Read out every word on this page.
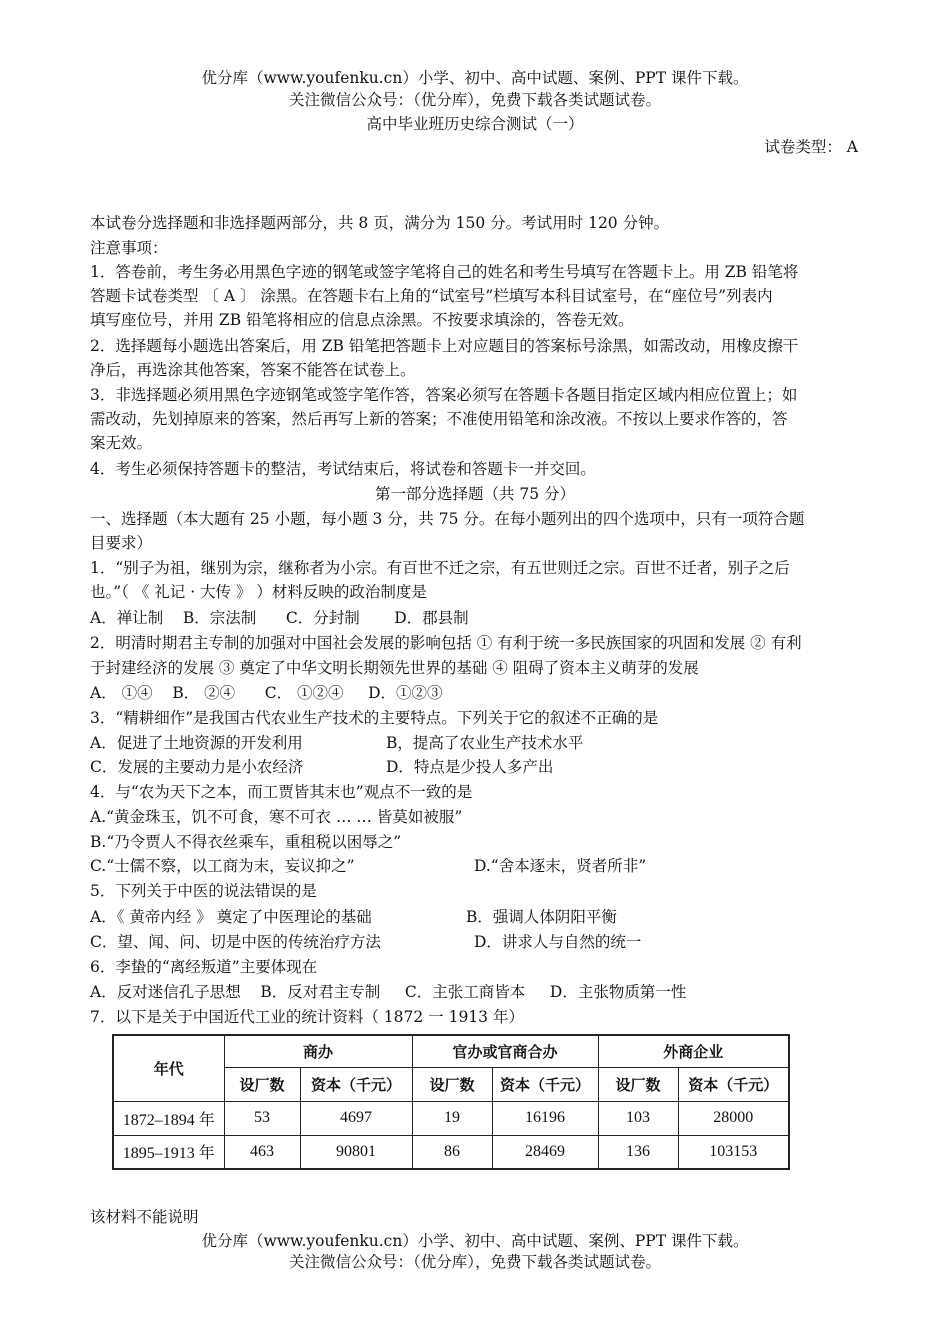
优分库（www.youfenku.cn）小学、初中、高中试题、案例、PPT 课件下载。
关注微信公众号：（优分库），免费下载各类试题试卷。
高中毕业班历史综合测试（一）
试卷类型： A
本试卷分选择题和非选择题两部分，共 8 页，满分为 150 分。考试用时 120 分钟。
注意事项：
1．答卷前，考生务必用黑色字迹的钢笔或签字笔将自己的姓名和考生号填写在答题卡上。用 ZB 铅笔将
答题卡试卷类型 〔 A 〕 涂黑。在答题卡右上角的“试室号”栏填写本科目试室号，在“座位号”列表内
填写座位号，并用 ZB 铅笔将相应的信息点涂黑。不按要求填涂的，答卷无效。
2．选择题每小题选出答案后，用 ZB 铅笔把答题卡上对应题目的答案标号涂黑，如需改动，用橡皮擦干
净后，再选涂其他答案，答案不能答在试卷上。
3．非选择题必须用黑色字迹钢笔或签字笔作答，答案必须写在答题卡各题目指定区域内相应位置上；如
需改动，先划掉原来的答案，然后再写上新的答案；不准使用铅笔和涂改液。不按以上要求作答的，答
案无效。
4．考生必须保持答题卡的整洁，考试结束后，将试卷和答题卡一并交回。
第一部分选择题（共 75 分）
一、选择题（本大题有 25 小题，每小题 3 分，共 75 分。在每小题列出的四个选项中，只有一项符合题
目要求）
1．“别子为祖，继别为宗，继称者为小宗。有百世不迁之宗，有五世则迁之宗。百世不迁者，别子之后
也。”（ 《 礼记 · 大传 》 ）材料反映的政治制度是
A．禅让制    B．宗法制      C．分封制       D．郡县制
2．明清时期君主专制的加强对中国社会发展的影响包括 ① 有利于统一多民族国家的巩固和发展 ② 有利
于封建经济的发展 ③ 奠定了中华文明长期领先世界的基础 ④ 阻碍了资本主义萌芽的发展
A． ①④    B． ②④      C． ①②④     D．①②③
3．“精耕细作”是我国古代农业生产技术的主要特点。下列关于它的叙述不正确的是
A．促进了土地资源的开发利用	B，提高了农业生产技术水平
C．发展的主要动力是小农经济	D．特点是少投人多产出
4．与“农为天下之本，而工贾皆其末也”观点不一致的是
A.“黄金珠玉，饥不可食，寒不可衣 … … 皆莫如被服”
B.“乃令贾人不得衣丝乘车，重租税以困辱之”
C.“士儒不察，以工商为末，妄议抑之”	D.“舍本逐末，贤者所非”
5．下列关于中医的说法错误的是
A．《 黄帝内经 》 奠定了中医理论的基础	B．强调人体阴阳平衡
C．望、闻、问、切是中医的传统治疗方法	D．讲求人与自然的统一
6．李蛰的“离经叛道”主要体现在
A．反对迷信孔子思想    B．反对君主专制     C．主张工商皆本     D．主张物质第一性
7．以下是关于中国近代工业的统计资料（ 1872 一 1913 年）
年代	商办		官办或官商合办		外商企业	
	设厂数	资本（千元）	设厂数	资本（千元）	设厂数	资本（千元）
1872–1894 年	53	4697	19	16196	103	28000
1895–1913 年	463	90801	86	28469	136	103153
该材料不能说明
优分库（www.youfenku.cn）小学、初中、高中试题、案例、PPT 课件下载。
关注微信公众号：（优分库），免费下载各类试题试卷。
